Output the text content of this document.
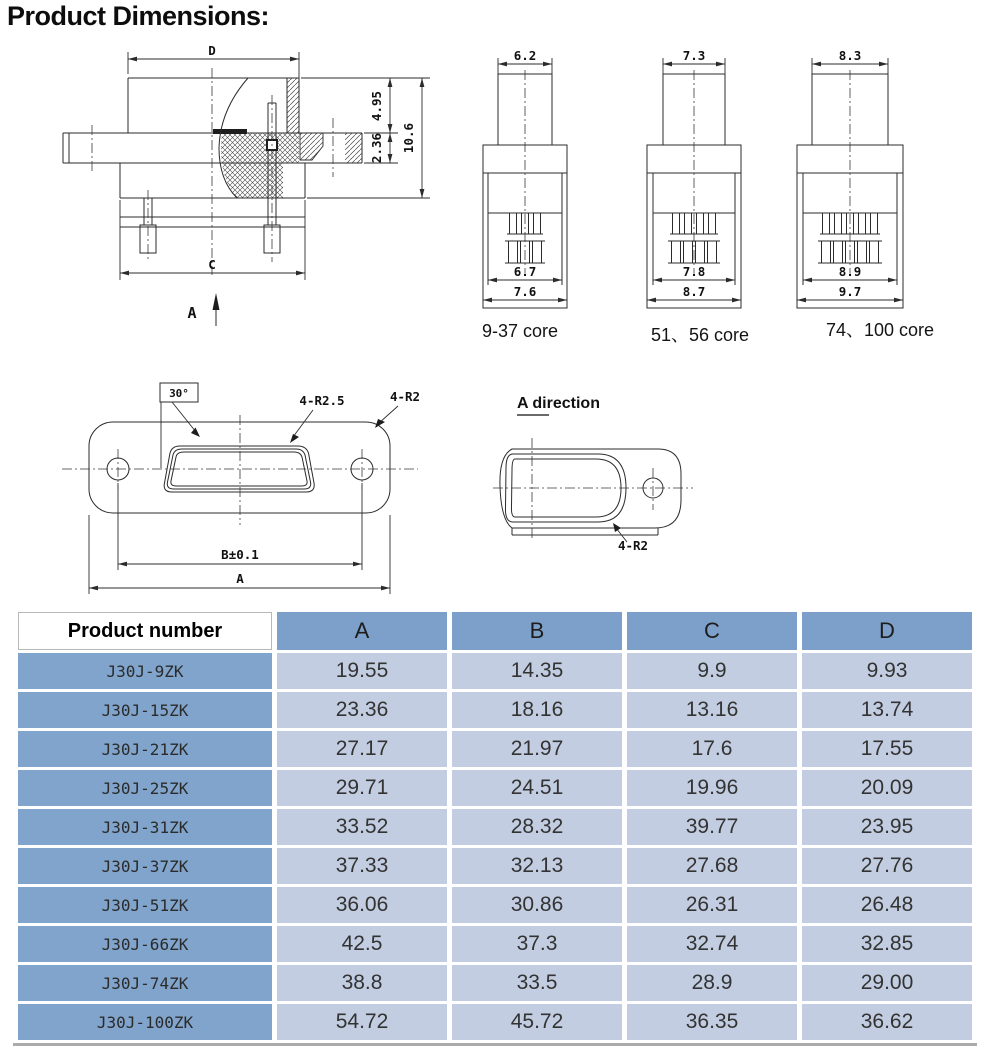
Product Dimensions:
D
C
4.95
2.36 10.6
A
6.2
6.7
7.6
9-37 core
7.3
7.8
8.7
51、56 core
8.3
8.9
9.7
74、100 core
30°	4-R2.5	4-R2
B±0.1
A
A direction
4-R2
Product number	A	B	C	D
J30J-9ZK	19.55	14.35	9.9	9.93
J30J-15ZK	23.36	18.16	13.16	13.74
J30J-21ZK	27.17	21.97	17.6	17.55
J30J-25ZK	29.71	24.51	19.96	20.09
J30J-31ZK	33.52	28.32	39.77	23.95
J30J-37ZK	37.33	32.13	27.68	27.76
J30J-51ZK	36.06	30.86	26.31	26.48
J30J-66ZK	42.5	37.3	32.74	32.85
J30J-74ZK	38.8	33.5	28.9	29.00
J30J-100ZK	54.72	45.72	36.35	36.62
